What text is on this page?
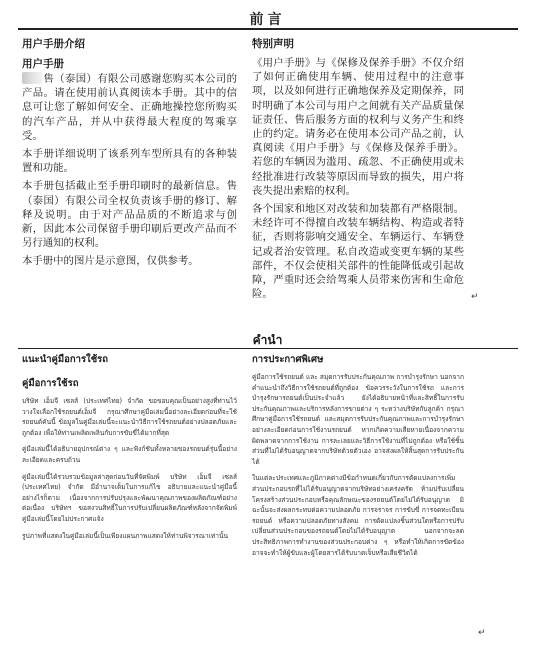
前言
用户手册介绍
用户手册

售（泰国）有限公司感谢您购买本公司的产品。请在使用前认真阅读本手册。其中的信息可让您了解如何安全、正确地操控您所购买的汽车产品，并从中获得最大程度的驾乘享受。

本手册详细说明了该系列车型所具有的各种装置和功能。

本手册包括截止至手册印刷时的最新信息。售（泰国）有限公司全权负责该手册的修订、解释及说明。由于对产品品质的不断追求与创新，因此本公司保留手册印刷后更改产品而不另行通知的权利。

本手册中的图片是示意图，仅供参考。

特别声明

《用户手册》与《保修及保养手册》不仅介绍了如何正确使用车辆、使用过程中的注意事项，以及如何进行正确地保养及定期保养，同时明确了本公司与用户之间就有关产品质量保证责任、售后服务方面的权利与义务产生和终止的约定。请务必在使用本公司产品之前，认真阅读《用户手册》与《保修及保养手册》。若您的车辆因为滥用、疏忽、不正确使用或未经批准进行改装等原因而导致的损失，用户将丧失提出索赔的权利。

各个国家和地区对改装和加装都有严格限制。未经许可不得擅自改装车辆结构、构造或者特征，否则将影响交通安全、车辆运行、车辆登记或者治安管理。私自改造或变更车辆的某些部件，不仅会使相关部件的性能降低或引起故障，严重时还会给驾乘人员带来伤害和生命危险。	↵
คำนำ
แนะนำคู่มือการใช้รถ
คู่มือการใช้รถ

บริษัท เอ็มจี เซลส์ (ประเทศไทย) จำกัด ขอขอบคุณเป็นอย่างสูงที่ท่านไว้วางใจเลือกใช้รถยนต์เอ็มจี กรุณาศึกษาคู่มือเล่มนี้อย่างละเอียดก่อนที่จะใช้รถยนต์คันนี้ ข้อมูลในคู่มือเล่มนี้จะแนะนำวิธีการใช้รถยนต์อย่างปลอดภัยและถูกต้อง เพื่อให้ท่านเพลิดเพลินกับการขับขี่ได้มากที่สุด

คู่มือเล่มนี้ได้อธิบายอุปกรณ์ต่าง ๆ และฟังก์ชันทั้งหลายของรถยนต์รุ่นนี้อย่างละเอียดและครบถ้วน

คู่มือเล่มนี้ได้รวบรวมข้อมูลล่าสุดก่อนวันที่จัดพิมพ์ บริษัท เอ็มจี เซลส์ (ประเทศไทย) จำกัด มีอำนาจเต็มในการแก้ไข อธิบายและแนะนำคู่มือนี้ อย่างไรก็ตาม เนื่องจากการปรับปรุงและพัฒนาคุณภาพของผลิตภัณฑ์อย่างต่อเนื่อง บริษัทฯ ขอสงวนสิทธิ์ในการปรับเปลี่ยนผลิตภัณฑ์หลังจากจัดพิมพ์คู่มือเล่มนี้โดยไม่ประกาศแจ้ง

รูปภาพที่แสดงในคู่มือเล่มนี้เป็นเพียงแผนภาพแสดงให้ท่านพิจารณาเท่านั้น

การประกาศพิเศษ

คู่มือการใช้รถยนต์ และ สมุดการรับประกันคุณภาพ การบำรุงรักษา นอกจากคำแนะนำถึงวิธีการใช้รถยนต์ที่ถูกต้อง ข้อควรระวังในการใช้รถ และการบำรุงรักษารถยนต์เป็นประจำแล้ว ยังได้อธิบายหน้าที่และสิทธิ์ในการรับประกันคุณภาพและบริการหลังการขายต่าง ๆ ระหว่างบริษัทกับลูกค้า กรุณาศึกษาคู่มือการใช้รถยนต์ และสมุดการรับประกันคุณภาพและการบำรุงรักษาอย่างละเอียดก่อนการใช้งานรถยนต์ หากเกิดความเสียหายเนื่องจากความผิดพลาดจากการใช้งาน การละเลยและวิธีการใช้งานที่ไม่ถูกต้อง หรือใช้ชิ้นส่วนที่ไม่ได้รับอนุญาตจากบริษัทด้วยตัวเอง อาจส่งผลให้สิ้นสุดการรับประกันได้

ในแต่ละประเทศและภูมิภาคต่างมีข้อกำหนดเกี่ยวกับการดัดแปลงการเพิ่มส่วนประกอบรถที่ไม่ได้รับอนุญาตจากบริษัทอย่างเคร่งครัด ห้ามปรับเปลี่ยนโครงสร้างส่วนประกอบหรือคุณลักษณะของรถยนต์โดยไม่ได้รับอนุญาต มิฉะนั้นจะส่งผลกระทบต่อความปลอดภัย การจราจร การขับขี่ การจดทะเบียนรถยนต์ หรือความปลอดภัยทางสังคม การดัดแปลงชิ้นส่วนใดหรือการปรับเปลี่ยนส่วนประกอบของรถยนต์โดยไม่ได้รับอนุญาต นอกจากจะลดประสิทธิภาพการทำงานของส่วนประกอบต่าง ๆ หรือทำให้เกิดการขัดข้อง อาจจะทำให้ผู้ขับและผู้โดยสารได้รับบาดเจ็บหรือเสียชีวิตได้

↵
